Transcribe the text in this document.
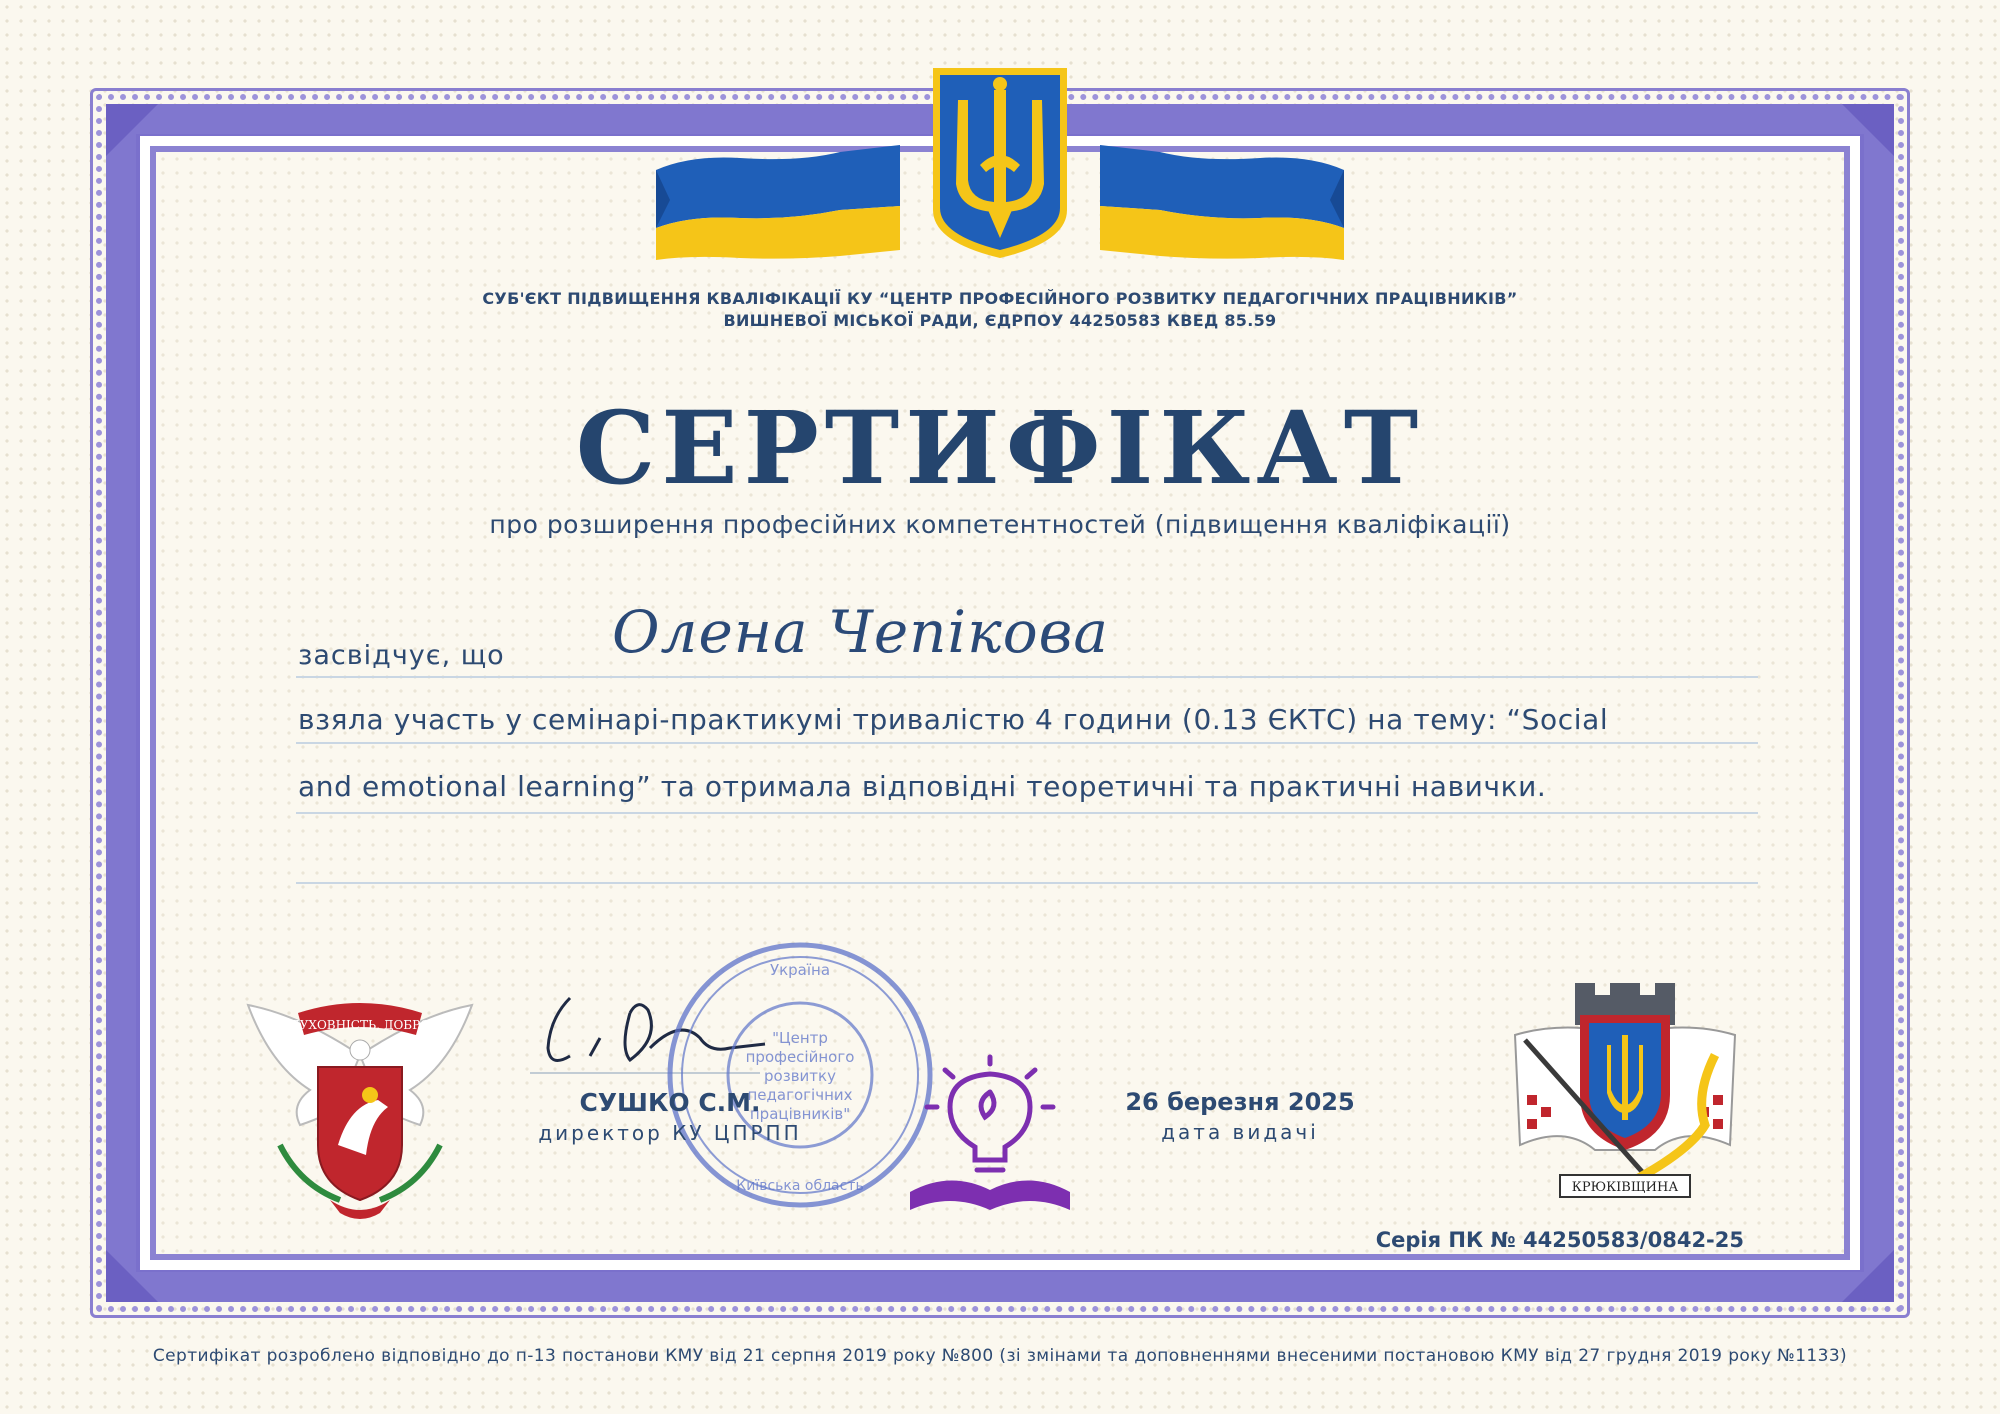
СУБ'ЄКТ ПІДВИЩЕННЯ КВАЛІФІКАЦІЇ КУ “ЦЕНТР ПРОФЕСІЙНОГО РОЗВИТКУ ПЕДАГОГІЧНИХ ПРАЦІВНИКІВ”
ВИШНЕВОЇ МІСЬКОЇ РАДИ, ЄДРПОУ 44250583 КВЕД 85.59
СЕРТИФІКАТ
про розширення професійних компетентностей (підвищення кваліфікації)
засвідчує, що Олена Чепікова
взяла участь у семінарі-практикумі тривалістю 4 години (0.13 ЄКТС) на тему: “Social
and emotional learning” та отримала відповідні теоретичні та практичні навички.
ДУХОВНІСТЬ, ДОБРО
"Центр
професійного
розвитку
педагогічних
працівників"
Україна
Київська область
СУШКО С.М.
директор КУ ЦПРПП
26 березня 2025
дата видачі
КРЮКІВЩИНА
Серія ПК № 44250583/0842-25
Сертифікат розроблено відповідно до п-13 постанови КМУ від 21 серпня 2019 року №800 (зі змінами та доповненнями внесеними постановою КМУ від 27 грудня 2019 року №1133)
